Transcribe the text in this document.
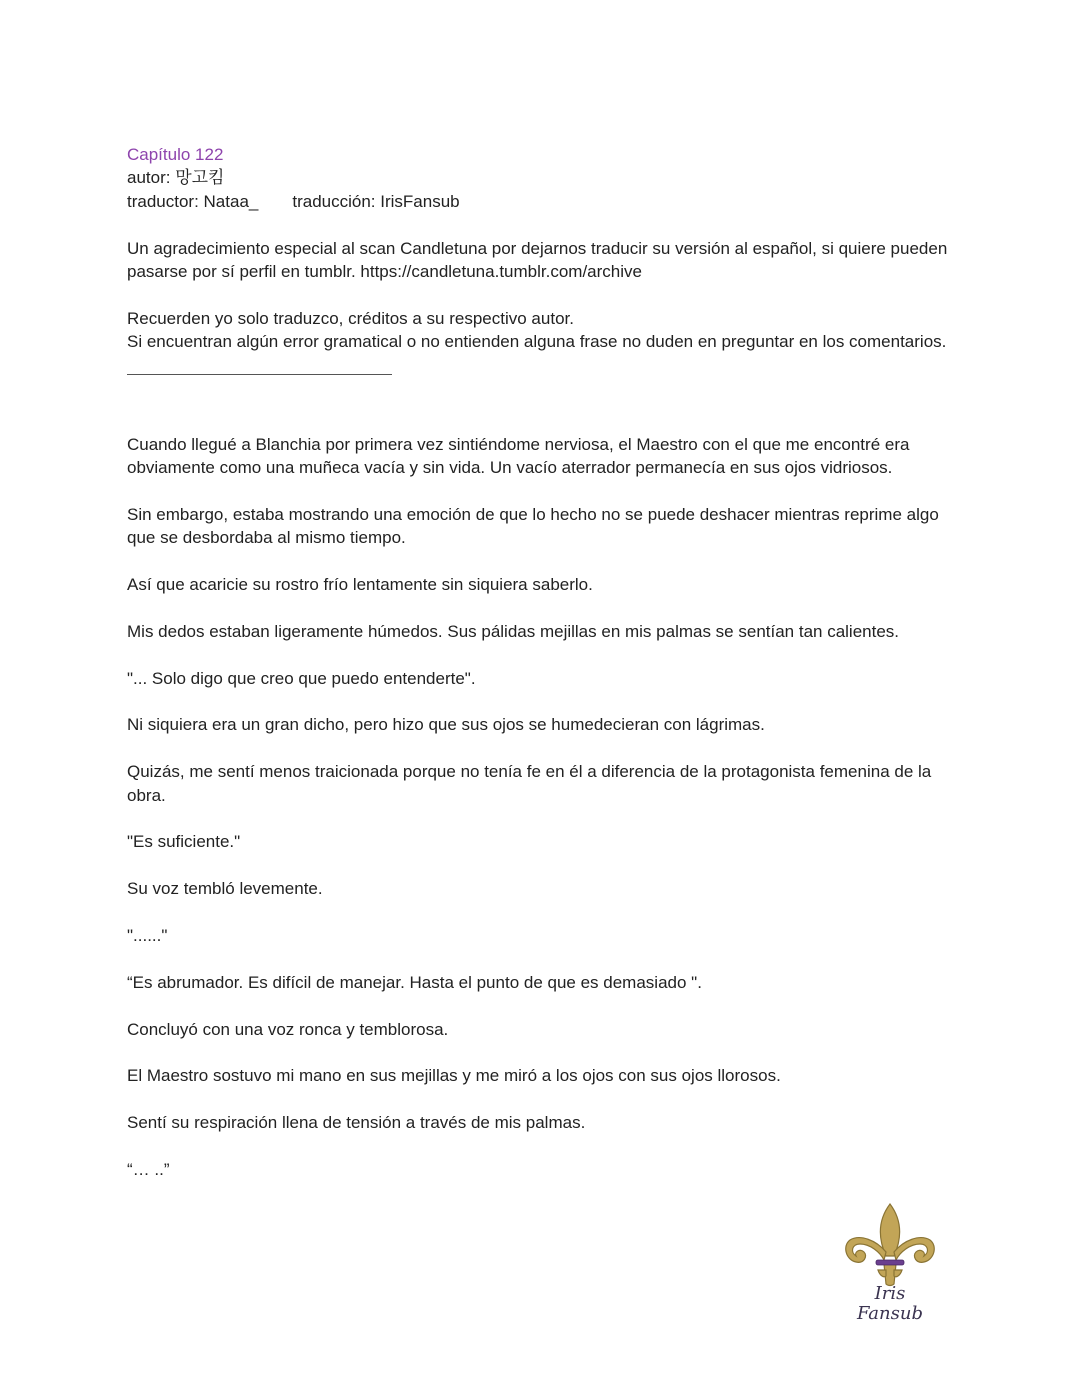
Capítulo 122

autor: 망고킴

traductor: Nataa_ traducción: IrisFansub

Un agradecimiento especial al scan Candletuna por dejarnos traducir su versión al español, si quiere pueden pasarse por sí perfil en tumblr. https://candletuna.tumblr.com/archive

Recuerden yo solo traduzco, créditos a su respectivo autor.

Si encuentran algún error gramatical o no entienden alguna frase no duden en preguntar en los comentarios.

Cuando llegué a Blanchia por primera vez sintiéndome nerviosa, el Maestro con el que me encontré era obviamente como una muñeca vacía y sin vida. Un vacío aterrador permanecía en sus ojos vidriosos.

Sin embargo, estaba mostrando una emoción de que lo hecho no se puede deshacer mientras reprime algo que se desbordaba al mismo tiempo.

Así que acaricie su rostro frío lentamente sin siquiera saberlo.

Mis dedos estaban ligeramente húmedos. Sus pálidas mejillas en mis palmas se sentían tan calientes.

"... Solo digo que creo que puedo entenderte".

Ni siquiera era un gran dicho, pero hizo que sus ojos se humedecieran con lágrimas.

Quizás, me sentí menos traicionada porque no tenía fe en él a diferencia de la protagonista femenina de la obra.

"Es suficiente."

Su voz tembló levemente.

"......"

“Es abrumador. Es difícil de manejar. Hasta el punto de que es demasiado ".

Concluyó con una voz ronca y temblorosa.

El Maestro sostuvo mi mano en sus mejillas y me miró a los ojos con sus ojos llorosos.

Sentí su respiración llena de tensión a través de mis palmas.

“… ..”

Iris Fansub
